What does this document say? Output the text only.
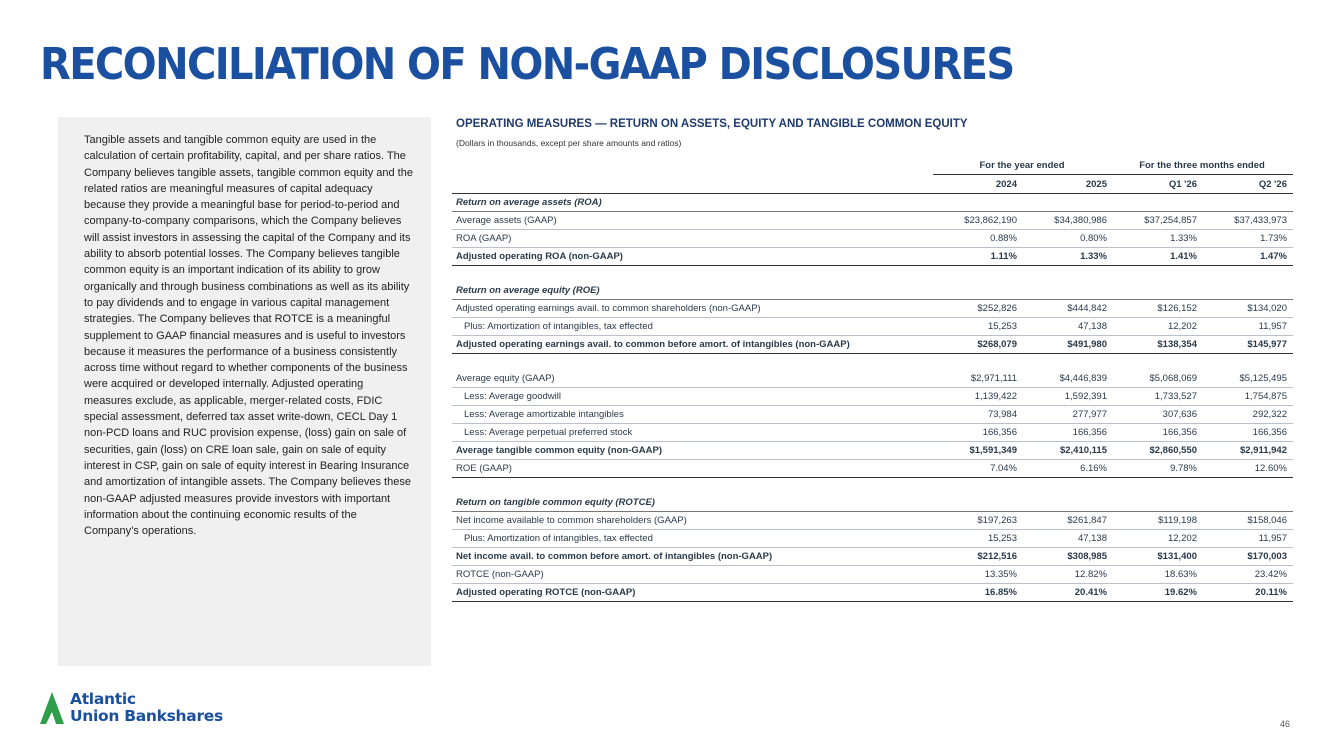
RECONCILIATION OF NON-GAAP DISCLOSURES

Tangible assets and tangible common equity are used in the calculation of certain profitability, capital, and per share ratios. The Company believes tangible assets, tangible common equity and the related ratios are meaningful measures of capital adequacy because they provide a meaningful base for period-to-period and company-to-company comparisons, which the Company believes will assist investors in assessing the capital of the Company and its ability to absorb potential losses. The Company believes tangible common equity is an important indication of its ability to grow organically and through business combinations as well as its ability to pay dividends and to engage in various capital management strategies. The Company believes that ROTCE is a meaningful supplement to GAAP financial measures and is useful to investors because it measures the performance of a business consistently across time without regard to whether components of the business were acquired or developed internally. Adjusted operating measures exclude, as applicable, merger-related costs, FDIC special assessment, deferred tax asset write-down, CECL Day 1 non-PCD loans and RUC provision expense, (loss) gain on sale of securities, gain (loss) on CRE loan sale, gain on sale of equity interest in CSP, gain on sale of equity interest in Bearing Insurance and amortization of intangible assets. The Company believes these non-GAAP adjusted measures provide investors with important information about the continuing economic results of the Company’s operations.

OPERATING MEASURES — RETURN ON ASSETS, EQUITY AND TANGIBLE COMMON EQUITY
(Dollars in thousands, except per share amounts and ratios)
	For the year ended		For the three months ended	
	2024	2025	Q1 '26	Q2 '26
Return on average assets (ROA)				
Average assets (GAAP)	$23,862,190	$34,380,986	$37,254,857	$37,433,973
ROA (GAAP)	0.88%	0.80%	1.33%	1.73%
Adjusted operating ROA (non-GAAP)	1.11%	1.33%	1.41%	1.47%

Return on average equity (ROE)				
Adjusted operating earnings avail. to common shareholders (non-GAAP)	$252,826	$444,842	$126,152	$134,020
Plus: Amortization of intangibles, tax effected	15,253	47,138	12,202	11,957
Adjusted operating earnings avail. to common before amort. of intangibles (non-GAAP)	$268,079	$491,980	$138,354	$145,977

Average equity (GAAP)	$2,971,111	$4,446,839	$5,068,069	$5,125,495
Less: Average goodwill	1,139,422	1,592,391	1,733,527	1,754,875
Less: Average amortizable intangibles	73,984	277,977	307,636	292,322
Less: Average perpetual preferred stock	166,356	166,356	166,356	166,356
Average tangible common equity (non-GAAP)	$1,591,349	$2,410,115	$2,860,550	$2,911,942
ROE (GAAP)	7.04%	6.16%	9.78%	12.60%

Return on tangible common equity (ROTCE)				
Net income available to common shareholders (GAAP)	$197,263	$261,847	$119,198	$158,046
Plus: Amortization of intangibles, tax effected	15,253	47,138	12,202	11,957
Net income avail. to common before amort. of intangibles (non-GAAP)	$212,516	$308,985	$131,400	$170,003
ROTCE (non-GAAP)	13.35%	12.82%	18.63%	23.42%
Adjusted operating ROTCE (non-GAAP)	16.85%	20.41%	19.62%	20.11%
Atlantic
Union Bankshares	46
